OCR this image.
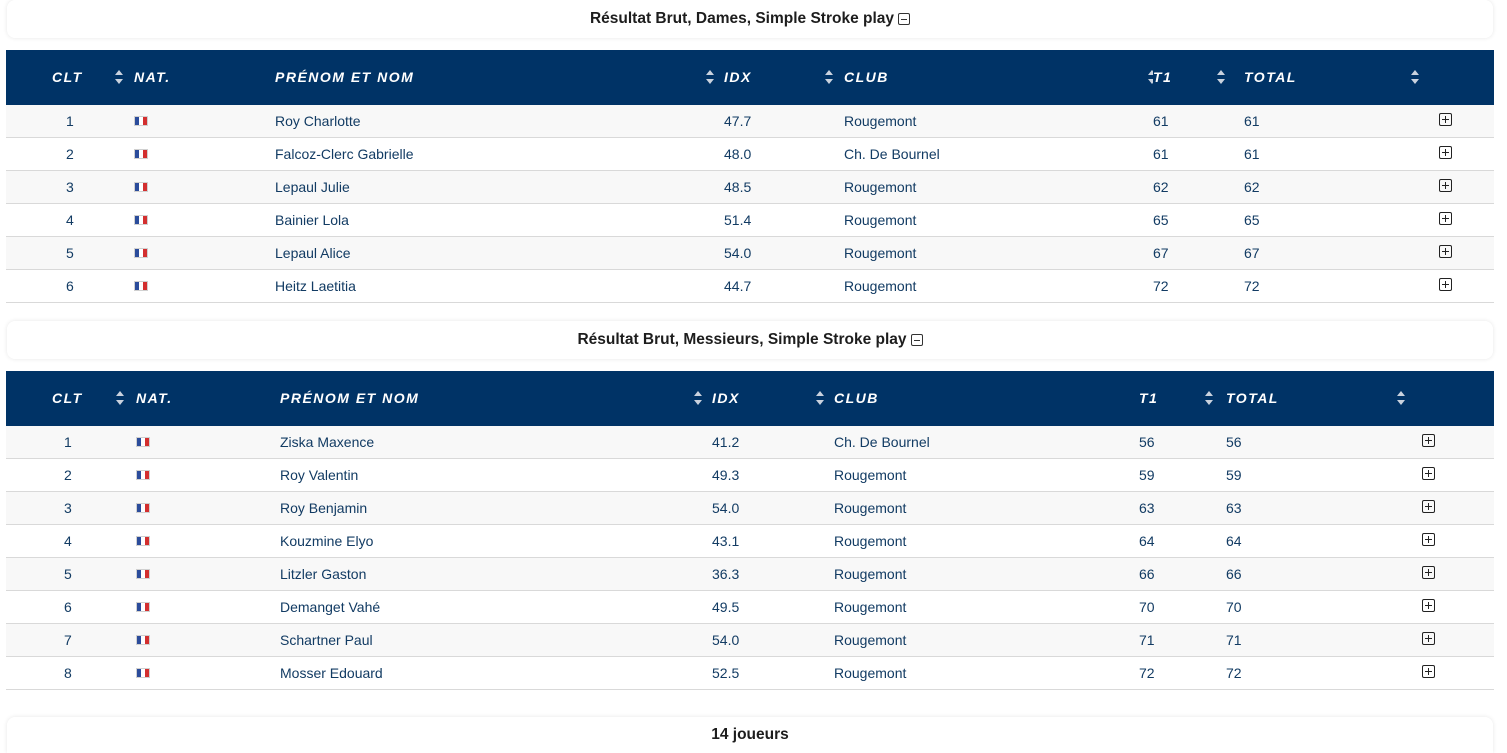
Résultat Brut, Dames, Simple Stroke play
CLT	NAT.	PRÉNOM ET NOM	IDX	CLUB	T1	TOTAL

1		Roy Charlotte	47.7	Rougemont	61	61

2		Falcoz-Clerc Gabrielle	48.0	Ch. De Bournel	61	61

3		Lepaul Julie	48.5	Rougemont	62	62

4		Bainier Lola	51.4	Rougemont	65	65

5		Lepaul Alice	54.0	Rougemont	67	67

6		Heitz Laetitia	44.7	Rougemont	72	72
Résultat Brut, Messieurs, Simple Stroke play
CLT	NAT.	PRÉNOM ET NOM	IDX	CLUB	T1	TOTAL

1		Ziska Maxence	41.2	Ch. De Bournel	56	56

2		Roy Valentin	49.3	Rougemont	59	59

3		Roy Benjamin	54.0	Rougemont	63	63

4		Kouzmine Elyo	43.1	Rougemont	64	64

5		Litzler Gaston	36.3	Rougemont	66	66

6		Demanget Vahé	49.5	Rougemont	70	70

7		Schartner Paul	54.0	Rougemont	71	71

8		Mosser Edouard	52.5	Rougemont	72	72
14 joueurs
